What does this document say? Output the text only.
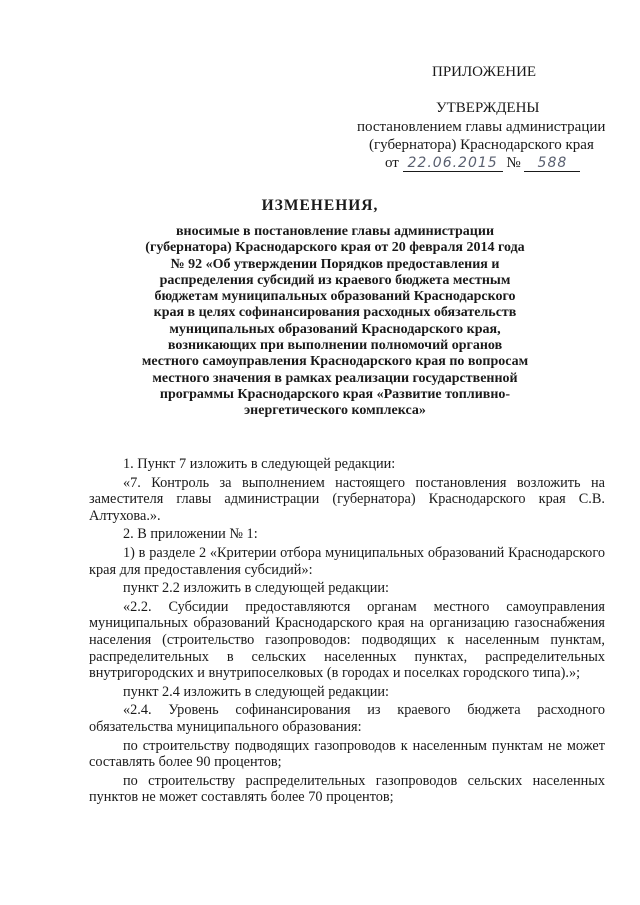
ПРИЛОЖЕНИЕ
УТВЕРЖДЕНЫ
постановлением главы администрации
(губернатора) Краснодарского края
от 22.06.2015 № 588
ИЗМЕНЕНИЯ,

вносимые в постановление главы администрации (губернатора) Краснодарского края от 20 февраля 2014 года № 92 «Об утверждении Порядков предоставления и распределения субсидий из краевого бюджета местным бюджетам муниципальных образований Краснодарского края в целях софинансирования расходных обязательств муниципальных образований Краснодарского края, возникающих при выполнении полномочий органов местного самоуправления Краснодарского края по вопросам местного значения в рамках реализации государственной программы Краснодарского края «Развитие топливно-энергетического комплекса»

1. Пункт 7 изложить в следующей редакции:

«7. Контроль за выполнением настоящего постановления возложить на заместителя главы администрации (губернатора) Краснодарского края С.В. Алтухова.».

2. В приложении № 1:

1) в разделе 2 «Критерии отбора муниципальных образований Краснодарского края для предоставления субсидий»:

пункт 2.2 изложить в следующей редакции:

«2.2. Субсидии предоставляются органам местного самоуправления муниципальных образований Краснодарского края на организацию газоснабжения населения (строительство газопроводов: подводящих к населенным пунктам, распределительных в сельских населенных пунктах, распределительных внутригородских и внутрипоселковых (в городах и поселках городского типа).»;

пункт 2.4 изложить в следующей редакции:

«2.4. Уровень софинансирования из краевого бюджета расходного обязательства муниципального образования:

по строительству подводящих газопроводов к населенным пунктам не может составлять более 90 процентов;

по строительству распределительных газопроводов сельских населенных пунктов не может составлять более 70 процентов;
